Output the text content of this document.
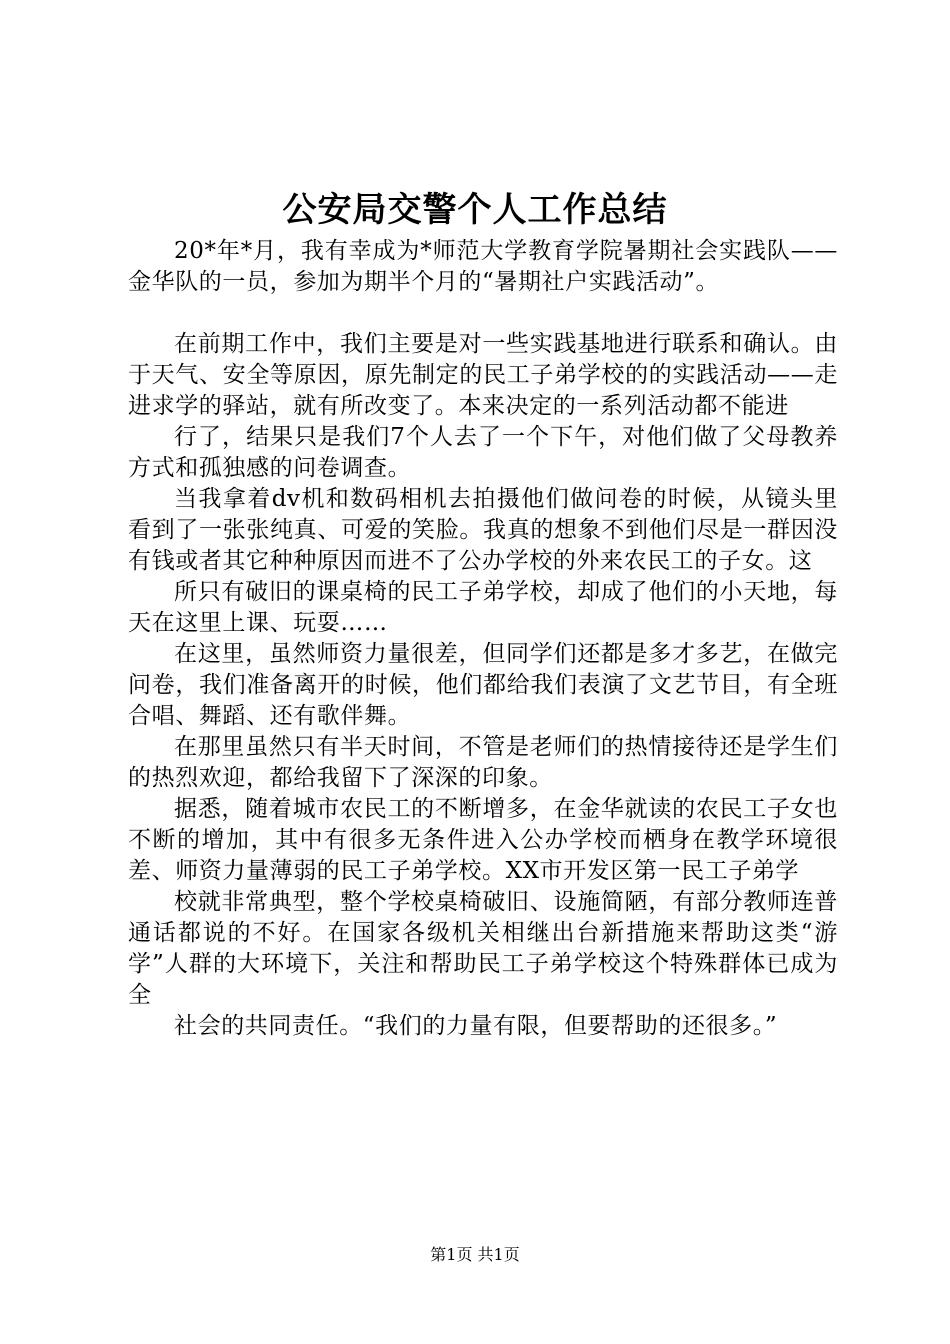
公安局交警个人工作总结

20*年*月，我有幸成为*师范大学教育学院暑期社会实践队——金华队的一员，参加为期半个月的“暑期社户实践活动”。

在前期工作中，我们主要是对一些实践基地进行联系和确认。由于天气、安全等原因，原先制定的民工子弟学校的的实践活动——走进求学的驿站，就有所改变了。本来决定的一系列活动都不能进

行了，结果只是我们7个人去了一个下午，对他们做了父母教养方式和孤独感的问卷调查。

当我拿着dv机和数码相机去拍摄他们做问卷的时候，从镜头里看到了一张张纯真、可爱的笑脸。我真的想象不到他们尽是一群因没有钱或者其它种种原因而进不了公办学校的外来农民工的子女。这

所只有破旧的课桌椅的民工子弟学校，却成了他们的小天地，每天在这里上课、玩耍……

在这里，虽然师资力量很差，但同学们还都是多才多艺，在做完问卷，我们准备离开的时候，他们都给我们表演了文艺节目，有全班合唱、舞蹈、还有歌伴舞。

在那里虽然只有半天时间，不管是老师们的热情接待还是学生们的热烈欢迎，都给我留下了深深的印象。

据悉，随着城市农民工的不断增多，在金华就读的农民工子女也不断的增加，其中有很多无条件进入公办学校而栖身在教学环境很差、师资力量薄弱的民工子弟学校。XX市开发区第一民工子弟学

校就非常典型，整个学校桌椅破旧、设施简陋，有部分教师连普通话都说的不好。在国家各级机关相继出台新措施来帮助这类“游学”人群的大环境下，关注和帮助民工子弟学校这个特殊群体已成为全

社会的共同责任。“我们的力量有限，但要帮助的还很多。”

第1页 共1页
